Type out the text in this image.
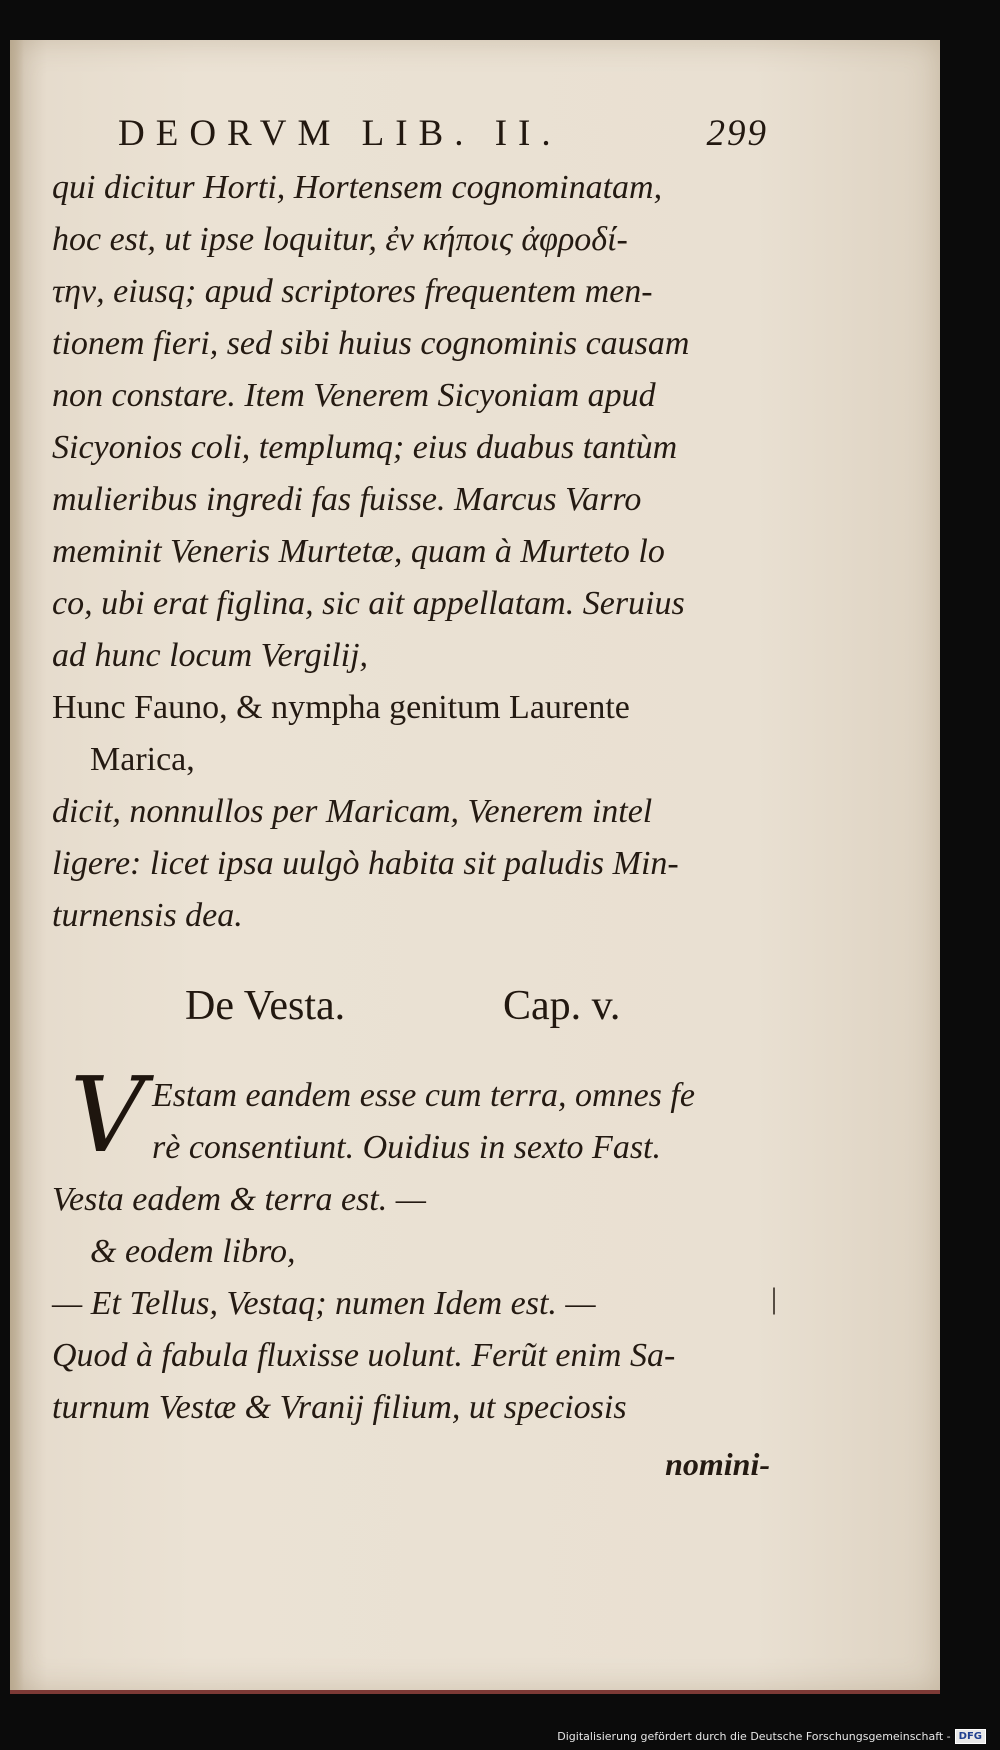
DEORVM LIB. II.	299
qui dicitur Horti, Hortensem cognominatam,
hoc est, ut ipse loquitur, ἐν κήποις ἀφροδί-
την, eiusq; apud scriptores frequentem men-
tionem fieri, sed sibi huius cognominis causam
non constare. Item Venerem Sicyoniam apud
Sicyonios coli, templumq; eius duabus tantùm
mulieribus ingredi fas fuisse. Marcus Varro
meminit Veneris Murtetæ, quam à Murteto lo
co, ubi erat figlina, sic ait appellatam. Seruius
ad hunc locum Vergilij,
Hunc Fauno, & nympha genitum Laurente
Marica,
dicit, nonnullos per Maricam, Venerem intel
ligere: licet ipsa uulgò habita sit paludis Min-
turnensis dea.
De Vesta.	Cap. v.
V Estam eandem esse cum terra, omnes fe
rè consentiunt. Ouidius in sexto Fast.
Vesta eadem & terra est. —
& eodem libro,
— Et Tellus, Vestaq; numen Idem est. —
Quod à fabula fluxisse uolunt. Ferũt enim Sa-
turnum Vestæ & Vranij filium, ut speciosis
|
nomini-
Digitalisierung gefördert durch die Deutsche Forschungsgemeinschaft - DFG
